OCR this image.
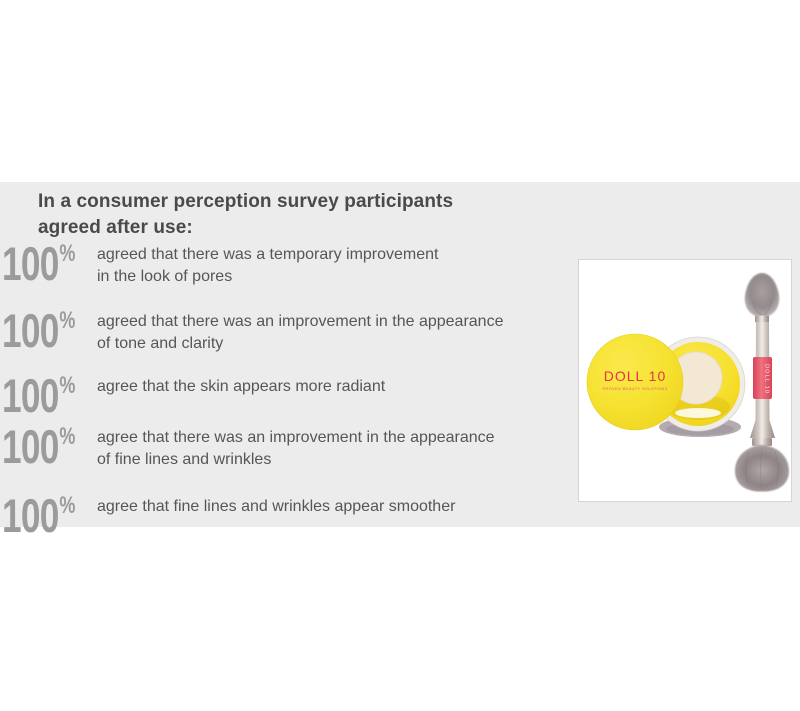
In a consumer perception survey participants
agreed after use:
100 % agreed that there was a temporary improvement
in the look of pores
100 % agreed that there was an improvement in the appearance
of tone and clarity
100 % agree that the skin appears more radiant
100 % agree that there was an improvement in the appearance
of fine lines and wrinkles
100 % agree that fine lines and wrinkles appear smoother
DOLL 10
PROVEN BEAUTY SOLUTIONS	DOLL 10
